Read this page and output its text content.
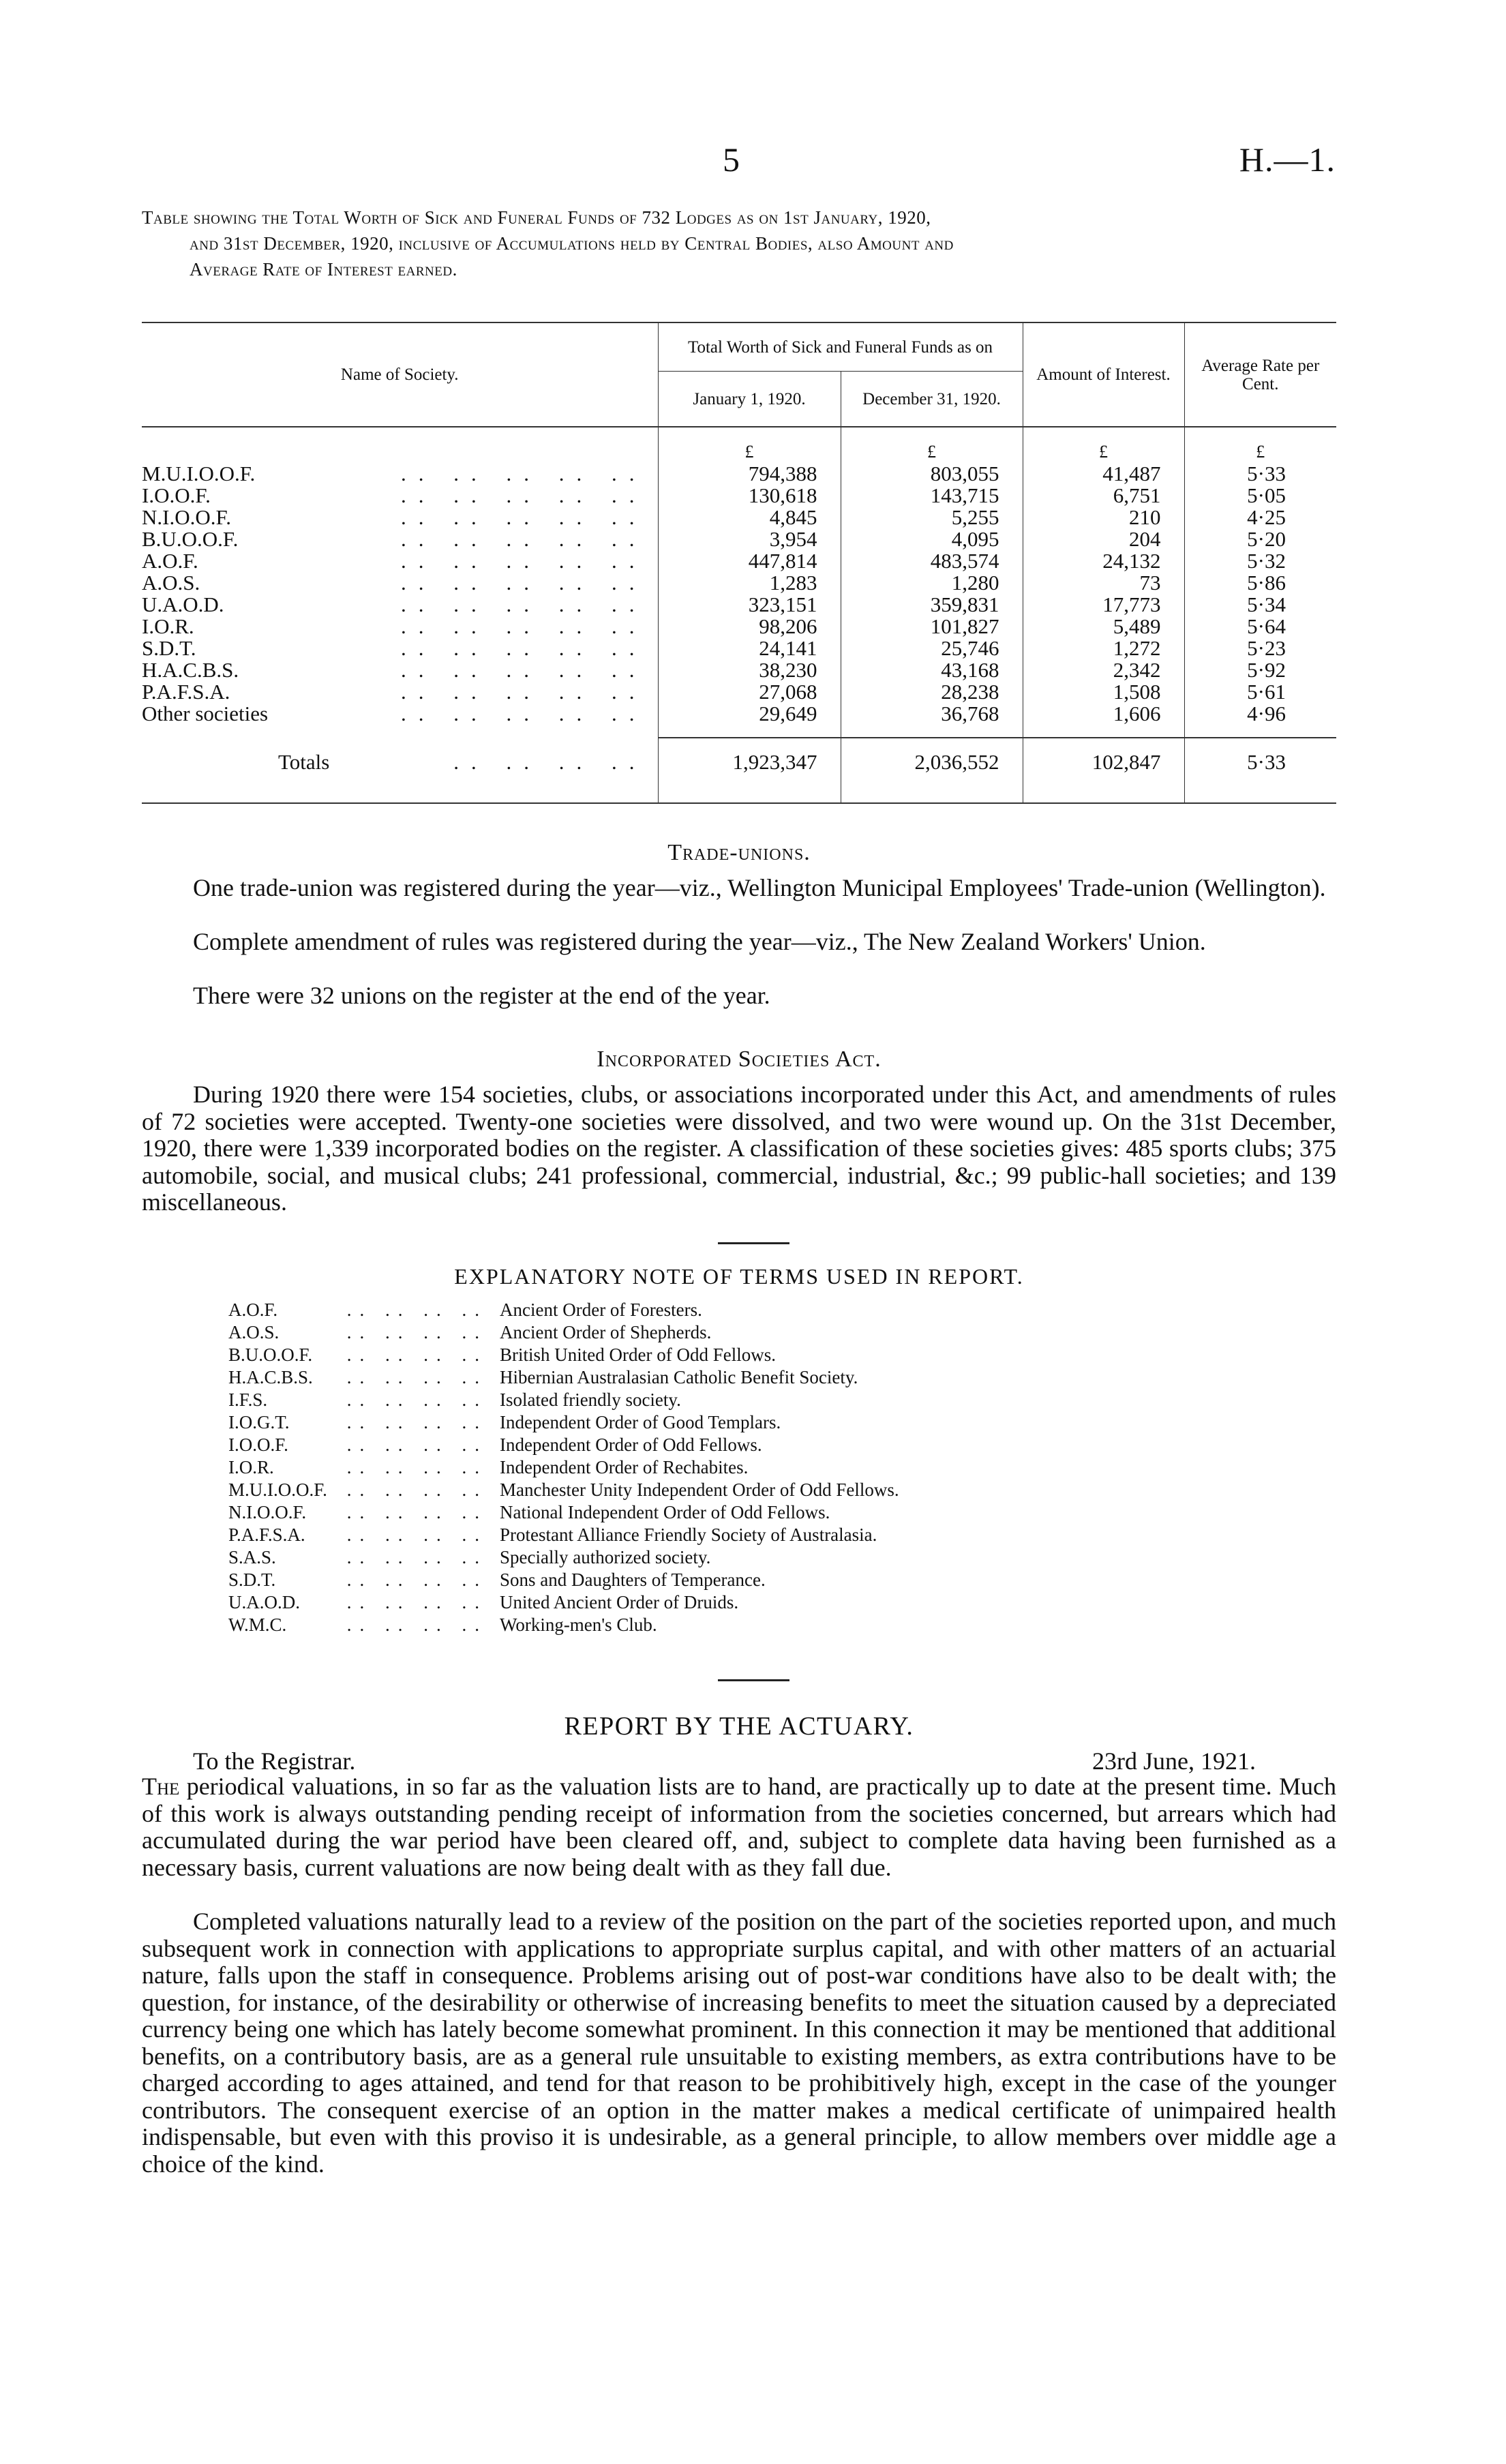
5	H.—1.
Table showing the Total Worth of Sick and Funeral Funds of 732 Lodges as on 1st January, 1920,
and 31st December, 1920, inclusive of Accumulations held by Central Bodies, also Amount and
Average Rate of Interest earned.
Name of Society.	Total Worth of Sick and Funeral Funds as on		Amount of Interest.	Average Rate per Cent.
	January 1, 1920.	December 31, 1920.		
	£	£	£	£

M.U.I.O.O.F. .. .. .. .. ..	794,388	803,055	41,487	5·33

I.O.O.F. .. .. .. .. ..	130,618	143,715	6,751	5·05

N.I.O.O.F. .. .. .. .. ..	4,845	5,255	210	4·25

B.U.O.O.F. .. .. .. .. ..	3,954	4,095	204	5·20

A.O.F. .. .. .. .. ..	447,814	483,574	24,132	5·32

A.O.S. .. .. .. .. ..	1,283	1,280	73	5·86

U.A.O.D. .. .. .. .. ..	323,151	359,831	17,773	5·34

I.O.R. .. .. .. .. ..	98,206	101,827	5,489	5·64

S.D.T. .. .. .. .. ..	24,141	25,746	1,272	5·23

H.A.C.B.S. .. .. .. .. ..	38,230	43,168	2,342	5·92

P.A.F.S.A. .. .. .. .. ..	27,068	28,238	1,508	5·61

Other societies .. .. .. .. ..	29,649	36,768	1,606	4·96

Totals .. .. .. ..	1,923,347	2,036,552	102,847	5·33

Trade-unions.
One trade-union was registered during the year—viz., Wellington Municipal Employees' Trade-union (Wellington).
Complete amendment of rules was registered during the year—viz., The New Zealand Workers' Union.
There were 32 unions on the register at the end of the year.
Incorporated Societies Act.
During 1920 there were 154 societies, clubs, or associations incorporated under this Act, and amendments of rules of 72 societies were accepted. Twenty-one societies were dissolved, and two were wound up. On the 31st December, 1920, there were 1,339 incorporated bodies on the register. A classification of these societies gives: 485 sports clubs; 375 automobile, social, and musical clubs; 241 professional, commercial, industrial, &c.; 99 public-hall societies; and 139 miscellaneous.
EXPLANATORY NOTE OF TERMS USED IN REPORT.
A.O.F.	.. .. .. .. Ancient Order of Foresters.
A.O.S.	.. .. .. .. Ancient Order of Shepherds.
B.U.O.O.F. .. .. .. .. British United Order of Odd Fellows.
H.A.C.B.S. .. .. .. .. Hibernian Australasian Catholic Benefit Society.
I.F.S.	.. .. .. .. Isolated friendly society.
I.O.G.T.	.. .. .. .. Independent Order of Good Templars.
I.O.O.F.	.. .. .. .. Independent Order of Odd Fellows.
I.O.R.	.. .. .. .. Independent Order of Rechabites.
M.U.I.O.O.F. .. .. .. .. Manchester Unity Independent Order of Odd Fellows.
N.I.O.O.F. .. .. .. .. National Independent Order of Odd Fellows.
P.A.F.S.A. .. .. .. .. Protestant Alliance Friendly Society of Australasia.
S.A.S.	.. .. .. .. Specially authorized society.
S.D.T.	.. .. .. .. Sons and Daughters of Temperance.
U.A.O.D.	.. .. .. .. United Ancient Order of Druids.
W.M.C.	.. .. .. .. Working-men's Club.
REPORT BY THE ACTUARY.
To the Registrar.	23rd June, 1921.
The periodical valuations, in so far as the valuation lists are to hand, are practically up to date at the present time. Much of this work is always outstanding pending receipt of information from the societies concerned, but arrears which had accumulated during the war period have been cleared off, and, subject to complete data having been furnished as a necessary basis, current valuations are now being dealt with as they fall due.
Completed valuations naturally lead to a review of the position on the part of the societies reported upon, and much subsequent work in connection with applications to appropriate surplus capital, and with other matters of an actuarial nature, falls upon the staff in consequence. Problems arising out of post-war conditions have also to be dealt with; the question, for instance, of the desirability or otherwise of increasing benefits to meet the situation caused by a depreciated currency being one which has lately become somewhat prominent. In this connection it may be mentioned that additional benefits, on a contributory basis, are as a general rule unsuitable to existing members, as extra contributions have to be charged according to ages attained, and tend for that reason to be prohibitively high, except in the case of the younger contributors. The consequent exercise of an option in the matter makes a medical certificate of unimpaired health indispensable, but even with this proviso it is undesirable, as a general principle, to allow members over middle age a choice of the kind.
